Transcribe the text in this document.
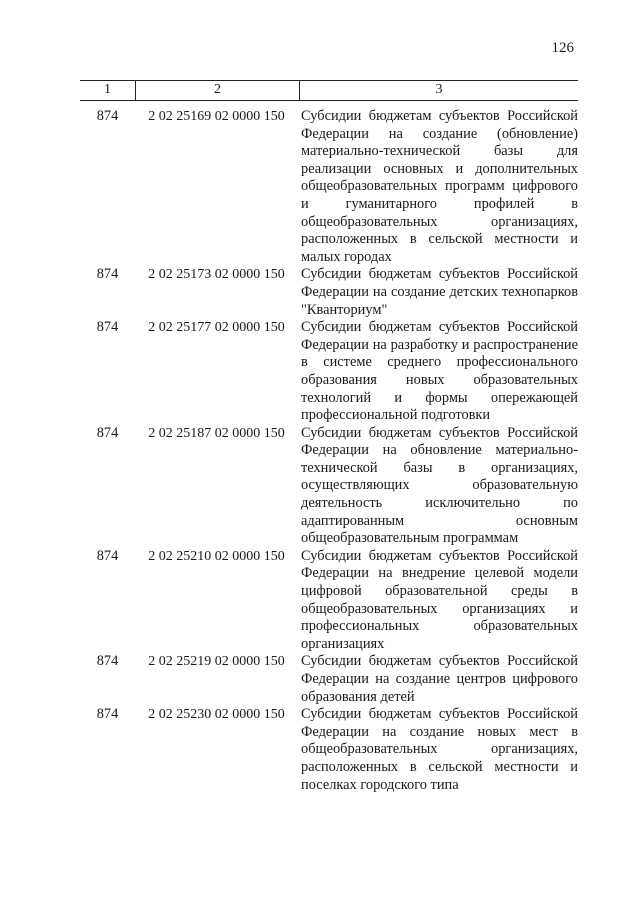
126
1	2	3
874	2 02 25169 02 0000 150	Субсидии бюджетам субъектов Российской Федерации на создание (обновление) материально-технической базы для реализации основных и дополнительных общеобразовательных программ цифрового и гуманитарного профилей в общеобразовательных организациях, расположенных в сельской местности и малых городах
874	2 02 25173 02 0000 150	Субсидии бюджетам субъектов Российской Федерации на создание детских технопарков "Кванториум"
874	2 02 25177 02 0000 150	Субсидии бюджетам субъектов Российской Федерации на разработку и распространение в системе среднего профессионального образования новых образовательных технологий и формы опережающей профессиональной подготовки
874	2 02 25187 02 0000 150	Субсидии бюджетам субъектов Российской Федерации на обновление материально-технической базы в организациях, осуществляющих образовательную деятельность исключительно по адаптированным основным общеобразовательным программам
874	2 02 25210 02 0000 150	Субсидии бюджетам субъектов Российской Федерации на внедрение целевой модели цифровой образовательной среды в общеобразовательных организациях и профессиональных образовательных организациях
874	2 02 25219 02 0000 150	Субсидии бюджетам субъектов Российской Федерации на создание центров цифрового образования детей
874	2 02 25230 02 0000 150	Субсидии бюджетам субъектов Российской Федерации на создание новых мест в общеобразовательных организациях, расположенных в сельской местности и поселках городского типа
